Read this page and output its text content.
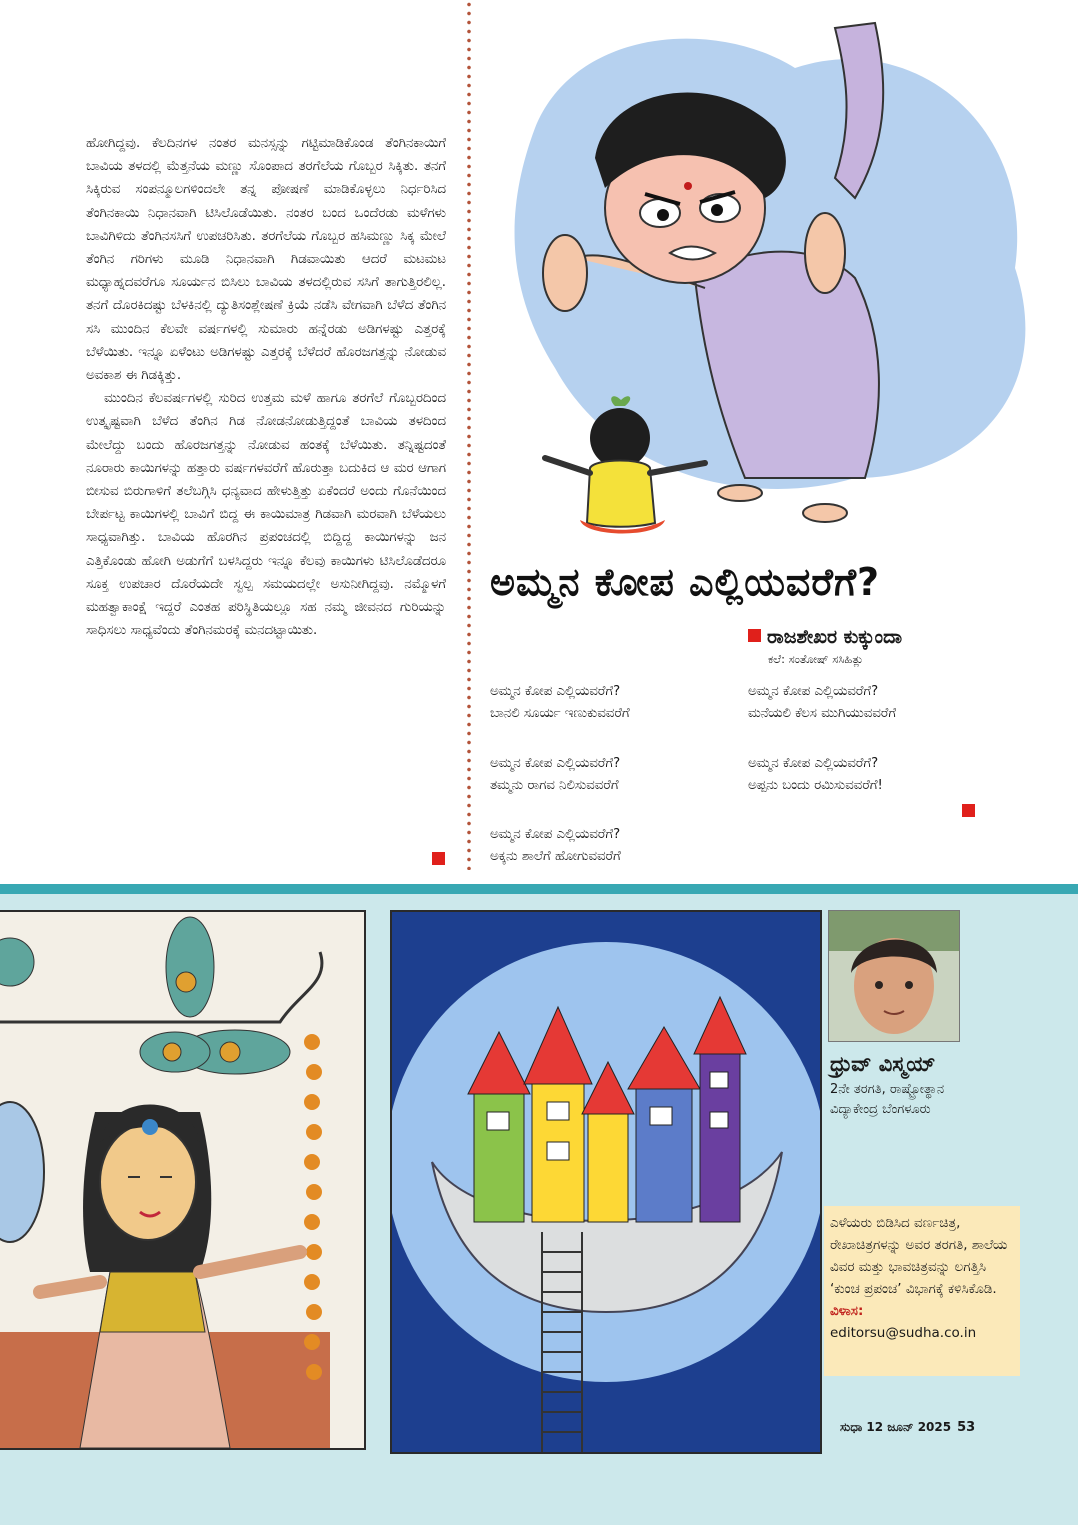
ಹೋಗಿದ್ದವು. ಕೆಲದಿನಗಳ ನಂತರ ಮನಸ್ಸನ್ನು ಗಟ್ಟಿಮಾಡಿಕೊಂಡ ತೆಂಗಿನಕಾಯಿಗೆ ಬಾವಿಯ ತಳದಲ್ಲಿ ಮೆತ್ತನೆಯ ಮಣ್ಣು ಸೊಂಪಾದ ತರಗೆಲೆಯ ಗೊಬ್ಬರ ಸಿಕ್ಕಿತು. ತನಗೆ ಸಿಕ್ಕಿರುವ ಸಂಪನ್ಮೂಲಗಳಿಂದಲೇ ತನ್ನ ಪೋಷಣೆ ಮಾಡಿಕೊಳ್ಳಲು ನಿರ್ಧರಿಸಿದ ತೆಂಗಿನಕಾಯಿ ನಿಧಾನವಾಗಿ ಟಿಸಿಲೊಡೆಯಿತು. ನಂತರ ಬಂದ ಒಂದೆರಡು ಮಳೆಗಳು ಬಾವಿಗಿಳಿದು ತೆಂಗಿನಸಸಿಗೆ ಉಪಚರಿಸಿತು. ತರಗೆಲೆಯ ಗೊಬ್ಬರ ಹಸಿಮಣ್ಣು ಸಿಕ್ಕ ಮೇಲೆ ತೆಂಗಿನ ಗರಿಗಳು ಮೂಡಿ ನಿಧಾನವಾಗಿ ಗಿಡವಾಯಿತು ಆದರೆ ಮಟಮಟ ಮಧ್ಯಾಹ್ನದವರೆಗೂ ಸೂರ್ಯನ ಬಿಸಿಲು ಬಾವಿಯ ತಳದಲ್ಲಿರುವ ಸಸಿಗೆ ತಾಗುತ್ತಿರಲಿಲ್ಲ. ತನಗೆ ದೊರಕಿದಷ್ಟು ಬೆಳಕಿನಲ್ಲಿ ದ್ಯುತಿಸಂಶ್ಲೇಷಣೆ ಕ್ರಿಯೆ ನಡೆಸಿ ವೇಗವಾಗಿ ಬೆಳೆದ ತೆಂಗಿನ ಸಸಿ ಮುಂದಿನ ಕೆಲವೇ ವರ್ಷಗಳಲ್ಲಿ ಸುಮಾರು ಹನ್ನೆರಡು ಅಡಿಗಳಷ್ಟು ಎತ್ತರಕ್ಕೆ ಬೆಳೆಯಿತು. ಇನ್ನೂ ಏಳೆಂಟು ಅಡಿಗಳಷ್ಟು ಎತ್ತರಕ್ಕೆ ಬೆಳೆದರೆ ಹೊರಜಗತ್ತನ್ನು ನೋಡುವ ಅವಕಾಶ ಈ ಗಿಡಕ್ಕಿತ್ತು.

ಮುಂದಿನ ಕೆಲವರ್ಷಗಳಲ್ಲಿ ಸುರಿದ ಉತ್ತಮ ಮಳೆ ಹಾಗೂ ತರಗೆಲೆ ಗೊಬ್ಬರದಿಂದ ಉತ್ಕೃಷ್ಟವಾಗಿ ಬೆಳೆದ ತೆಂಗಿನ ಗಿಡ ನೋಡನೋಡುತ್ತಿದ್ದಂತೆ ಬಾವಿಯ ತಳದಿಂದ ಮೇಲೆದ್ದು ಬಂದು ಹೊರಜಗತ್ತನ್ನು ನೋಡುವ ಹಂತಕ್ಕೆ ಬೆಳೆಯಿತು. ತನ್ನಿಷ್ಟದಂತೆ ನೂರಾರು ಕಾಯಿಗಳನ್ನು ಹತ್ತಾರು ವರ್ಷಗಳವರೆಗೆ ಹೊರುತ್ತಾ ಬದುಕಿದ ಆ ಮರ ಆಗಾಗ ಬೀಸುವ ಬಿರುಗಾಳಿಗೆ ತಲೆಬಗ್ಗಿಸಿ ಧನ್ಯವಾದ ಹೇಳುತ್ತಿತ್ತು ಏಕೆಂದರೆ ಅಂದು ಗೊನೆಯಿಂದ ಬೇರ್ಪಟ್ಟ ಕಾಯಿಗಳಲ್ಲಿ ಬಾವಿಗೆ ಬಿದ್ದ ಈ ಕಾಯಿಮಾತ್ರ ಗಿಡವಾಗಿ ಮರವಾಗಿ ಬೆಳೆಯಲು ಸಾಧ್ಯವಾಗಿತ್ತು. ಬಾವಿಯ ಹೊರಗಿನ ಪ್ರಪಂಚದಲ್ಲಿ ಬಿದ್ದಿದ್ದ ಕಾಯಿಗಳನ್ನು ಜನ ಎತ್ತಿಕೊಂಡು ಹೋಗಿ ಅಡುಗೆಗೆ ಬಳಸಿದ್ದರು ಇನ್ನೂ ಕೆಲವು ಕಾಯಿಗಳು ಟಿಸಿಲೊಡೆದರೂ ಸೂಕ್ತ ಉಪಚಾರ ದೊರೆಯದೇ ಸ್ವಲ್ಪ ಸಮಯದಲ್ಲೇ ಅಸುನೀಗಿದ್ದವು. ನಮ್ಮೊಳಗೆ ಮಹತ್ವಾಕಾಂಕ್ಷೆ ಇದ್ದರೆ ಎಂತಹ ಪರಿಸ್ಥಿತಿಯಲ್ಲೂ ಸಹ ನಮ್ಮ ಜೀವನದ ಗುರಿಯನ್ನು ಸಾಧಿಸಲು ಸಾಧ್ಯವೆಂದು ತೆಂಗಿನಮರಕ್ಕೆ ಮನದಟ್ಟಾಯಿತು.

ಅಮ್ಮನ ಕೋಪ ಎಲ್ಲಿಯವರೆಗೆ?
ರಾಜಶೇಖರ ಕುಕ್ಕುಂದಾ
ಕಲೆ: ಸಂತೋಷ್ ಸಸಿಹಿತ್ಲು
ಅಮ್ಮನ ಕೋಪ ಎಲ್ಲಿಯವರೆಗೆ?
ಬಾನಲಿ ಸೂರ್ಯ ಇಣುಕುವವರೆಗೆ
ಅಮ್ಮನ ಕೋಪ ಎಲ್ಲಿಯವರೆಗೆ?
ತಮ್ಮನು ರಾಗವ ನಿಲಿಸುವವರೆಗೆ
ಅಮ್ಮನ ಕೋಪ ಎಲ್ಲಿಯವರೆಗೆ?
ಅಕ್ಕನು ಶಾಲೆಗೆ ಹೋಗುವವರೆಗೆ
ಅಮ್ಮನ ಕೋಪ ಎಲ್ಲಿಯವರೆಗೆ?
ಮನೆಯಲಿ ಕೆಲಸ ಮುಗಿಯುವವರೆಗೆ
ಅಮ್ಮನ ಕೋಪ ಎಲ್ಲಿಯವರೆಗೆ?
ಅಪ್ಪನು ಬಂದು ರಮಿಸುವವರೆಗೆ!
ಧ್ರುವ್ ವಿಸ್ಮಯ್
2ನೇ ತರಗತಿ, ರಾಷ್ಟ್ರೋತ್ಥಾನ
ವಿದ್ಯಾಕೇಂದ್ರ ಬೆಂಗಳೂರು
ಎಳೆಯರು ಬಿಡಿಸಿದ ವರ್ಣಚಿತ್ರ, ರೇಖಾಚಿತ್ರಗಳನ್ನು ಅವರ ತರಗತಿ, ಶಾಲೆಯ ವಿವರ ಮತ್ತು ಭಾವಚಿತ್ರವನ್ನು ಲಗತ್ತಿಸಿ ‘ಕುಂಚ ಪ್ರಪಂಚ’ ವಿಭಾಗಕ್ಕೆ ಕಳಿಸಿಕೊಡಿ. ವಿಳಾಸ:
editorsu@sudha.co.in
ಸುಧಾ 12 ಜೂನ್ 2025 53
